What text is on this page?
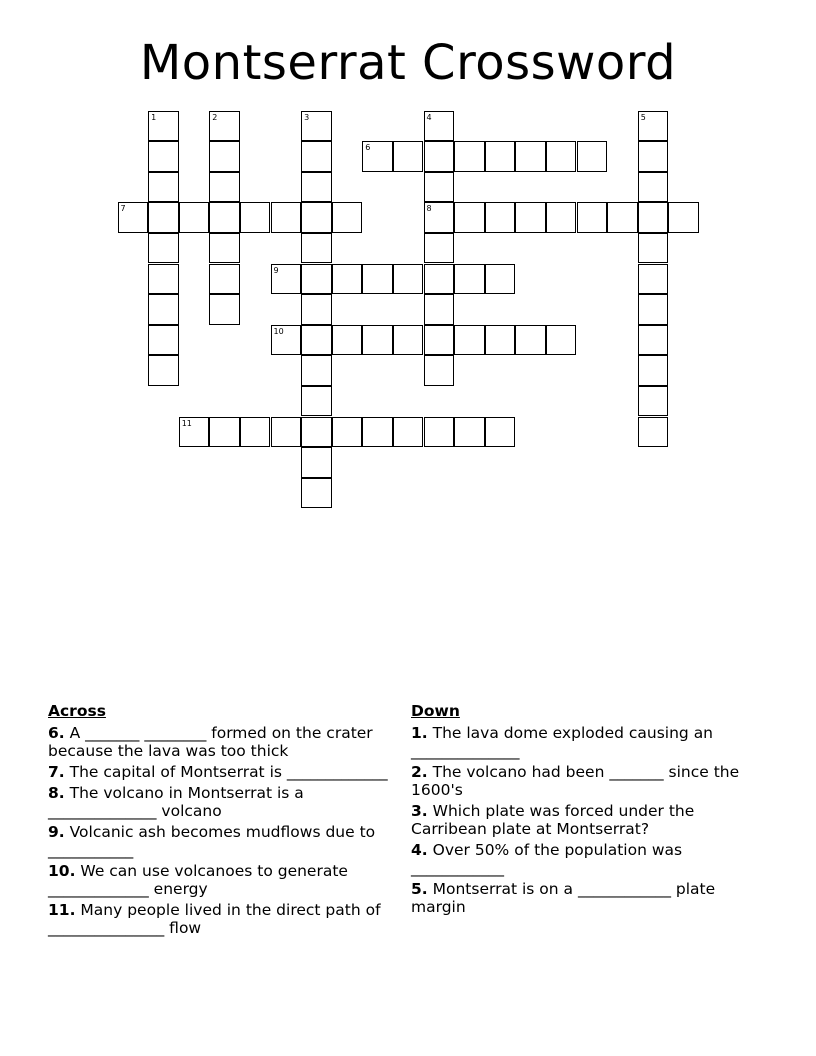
Montserrat Crossword
1	2	3	4
8
5
6
7
9
10
11
Across
6. A _______ ________ formed on the crater because the lava was too thick
7. The capital of Montserrat is _____________
8. The volcano in Montserrat is a ______________ volcano
9. Volcanic ash becomes mudflows due to ___________
10. We can use volcanoes to generate _____________ energy
11. Many people lived in the direct path of _______________ flow
Down
1. The lava dome exploded causing an ______________
2. The volcano had been _______ since the 1600's
3. Which plate was forced under the Carribean plate at Montserrat?
4. Over 50% of the population was ____________
5. Montserrat is on a ____________ plate margin
